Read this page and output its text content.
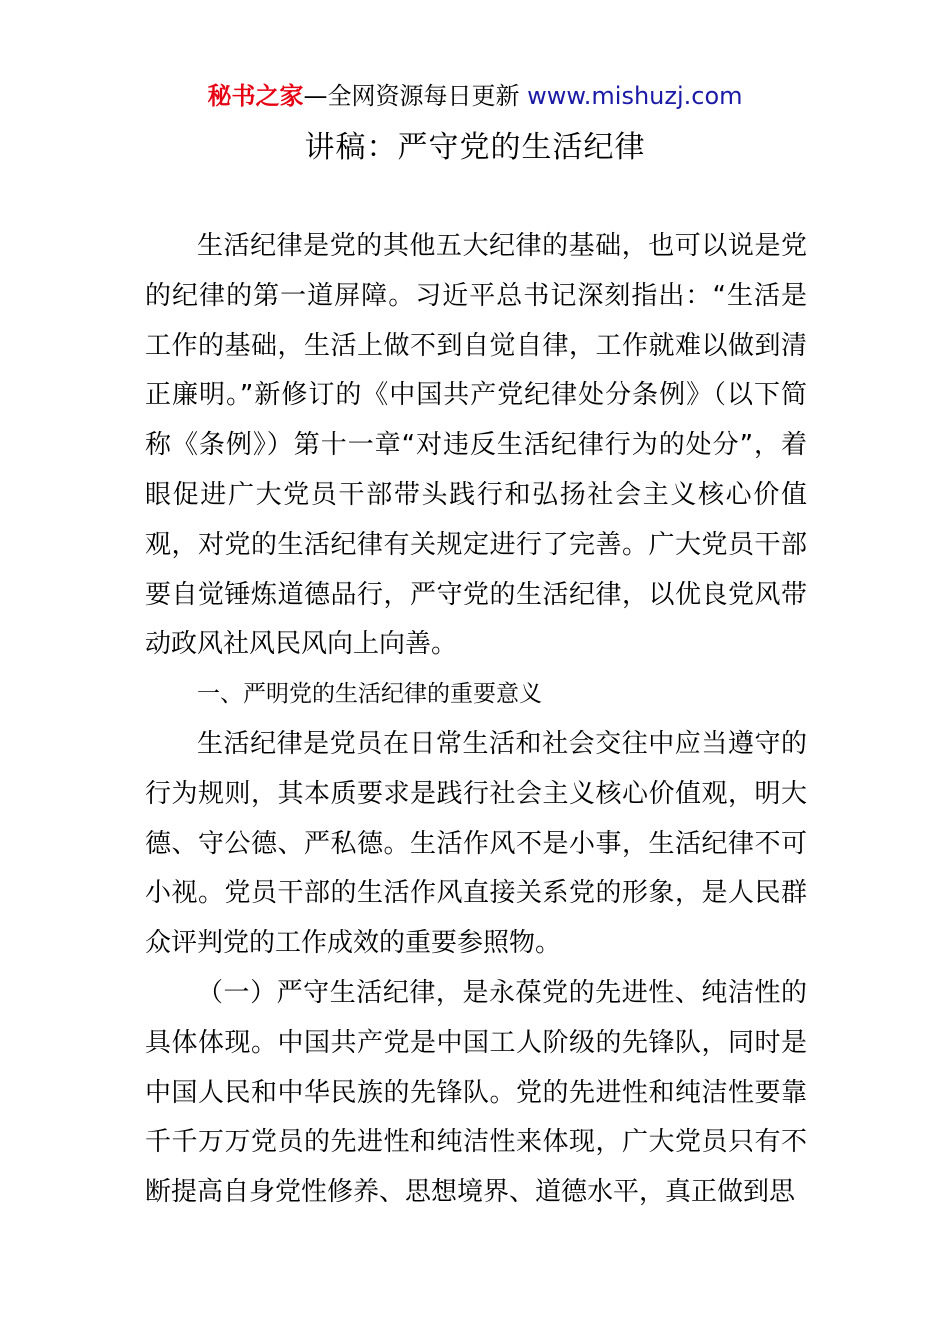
秘书之家—全网资源每日更新 www.mishuzj.com
讲稿：严守党的生活纪律

生活纪律是党的其他五大纪律的基础，也可以说是党的纪律的第一道屏障。习近平总书记深刻指出：“生活是工作的基础，生活上做不到自觉自律，工作就难以做到清正廉明。”新修订的《中国共产党纪律处分条例》（以下简称《条例》）第十一章“对违反生活纪律行为的处分”，着眼促进广大党员干部带头践行和弘扬社会主义核心价值观，对党的生活纪律有关规定进行了完善。广大党员干部要自觉锤炼道德品行，严守党的生活纪律，以优良党风带动政风社风民风向上向善。

一、严明党的生活纪律的重要意义

生活纪律是党员在日常生活和社会交往中应当遵守的行为规则，其本质要求是践行社会主义核心价值观，明大德、守公德、严私德。生活作风不是小事，生活纪律不可小视。党员干部的生活作风直接关系党的形象，是人民群众评判党的工作成效的重要参照物。

（一）严守生活纪律，是永葆党的先进性、纯洁性的具体体现。中国共产党是中国工人阶级的先锋队，同时是中国人民和中华民族的先锋队。党的先进性和纯洁性要靠千千万万党员的先进性和纯洁性来体现，广大党员只有不断提高自身党性修养、思想境界、道德水平，真正做到思
